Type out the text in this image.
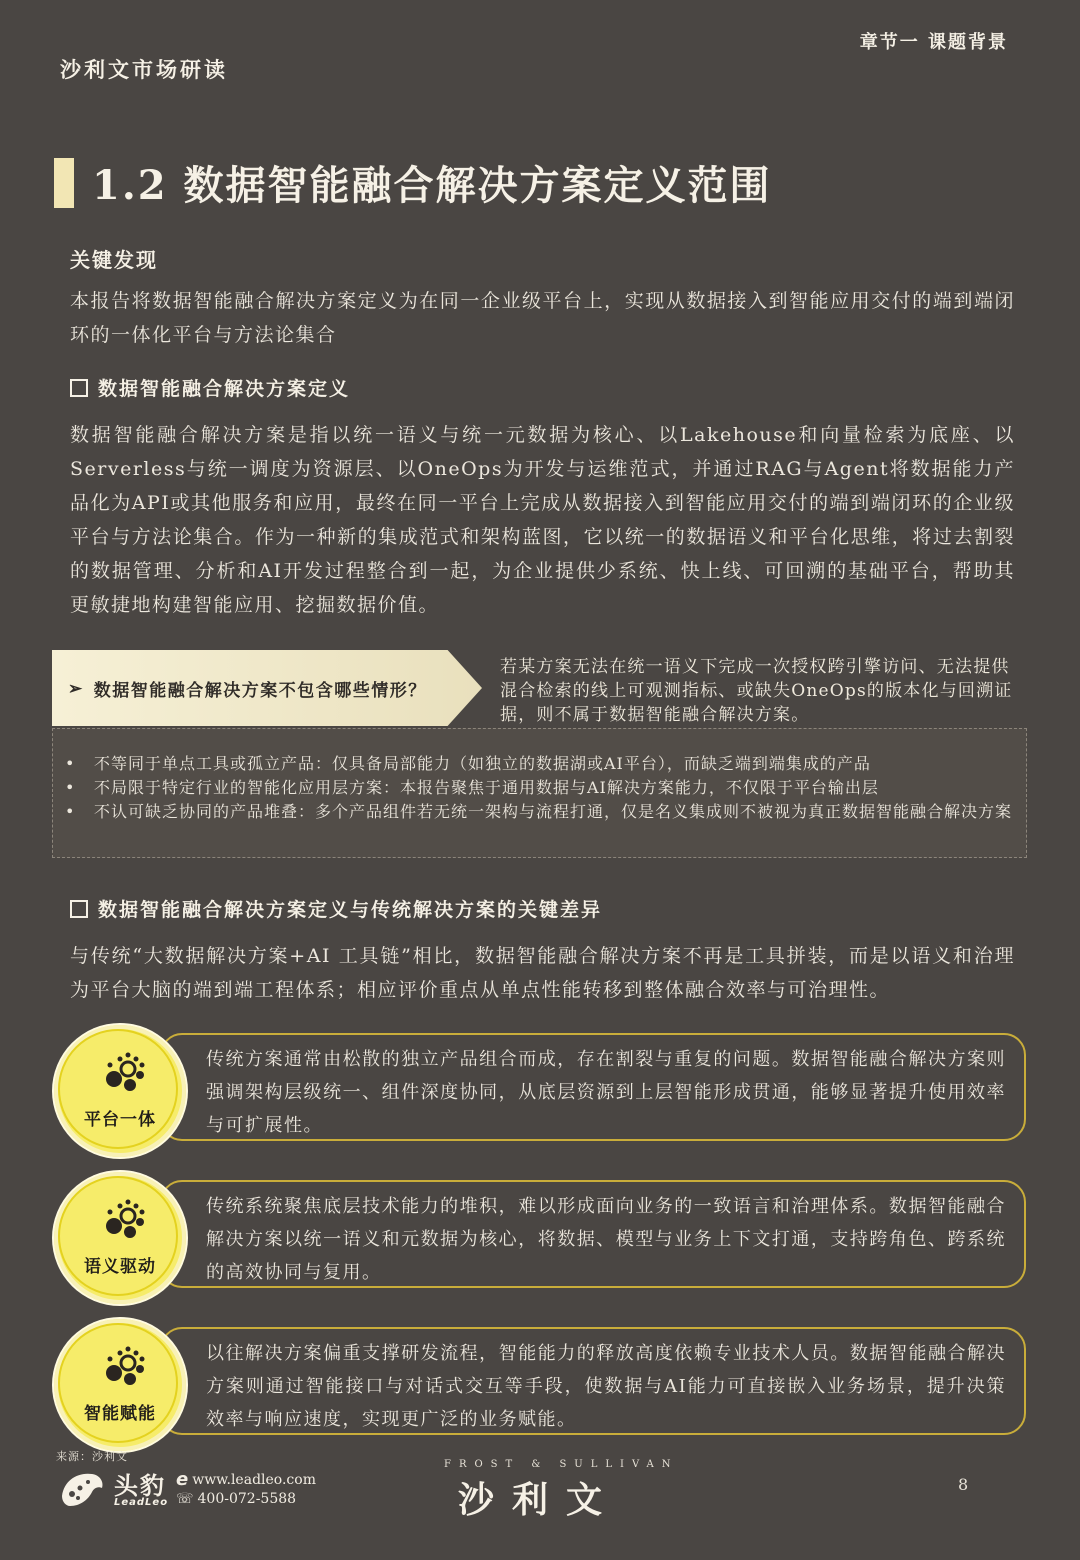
章节一 课题背景
沙利文市场研读
1.2 数据智能融合解决方案定义范围
关键发现
本报告将数据智能融合解决方案定义为在同一企业级平台上，实现从数据接入到智能应用交付的端到端闭环的一体化平台与方法论集合
数据智能融合解决方案定义
数据智能融合解决方案是指以统一语义与统一元数据为核心、以Lakehouse和向量检索为底座、以Serverless与统一调度为资源层、以OneOps为开发与运维范式，并通过RAG与Agent将数据能力产品化为API或其他服务和应用，最终在同一平台上完成从数据接入到智能应用交付的端到端闭环的企业级平台与方法论集合。作为一种新的集成范式和架构蓝图，它以统一的数据语义和平台化思维，将过去割裂的数据管理、分析和AI开发过程整合到一起，为企业提供少系统、快上线、可回溯的基础平台，帮助其更敏捷地构建智能应用、挖掘数据价值。
➢ 数据智能融合解决方案不包含哪些情形？
若某方案无法在统一语义下完成一次授权跨引擎访问、无法提供混合检索的线上可观测指标、或缺失OneOps的版本化与回溯证据，则不属于数据智能融合解决方案。
• 不等同于单点工具或孤立产品：仅具备局部能力（如独立的数据湖或AI平台），而缺乏端到端集成的产品
• 不局限于特定行业的智能化应用层方案：本报告聚焦于通用数据与AI解决方案能力，不仅限于平台输出层
• 不认可缺乏协同的产品堆叠：多个产品组件若无统一架构与流程打通，仅是名义集成则不被视为真正数据智能融合解决方案
数据智能融合解决方案定义与传统解决方案的关键差异
与传统“大数据解决方案+AI 工具链”相比，数据智能融合解决方案不再是工具拼装，而是以语义和治理为平台大脑的端到端工程体系；相应评价重点从单点性能转移到整体融合效率与可治理性。
传统方案通常由松散的独立产品组合而成，存在割裂与重复的问题。数据智能融合解决方案则强调架构层级统一、组件深度协同，从底层资源到上层智能形成贯通，能够显著提升使用效率与可扩展性。
平台一体
传统系统聚焦底层技术能力的堆积，难以形成面向业务的一致语言和治理体系。数据智能融合解决方案以统一语义和元数据为核心，将数据、模型与业务上下文打通，支持跨角色、跨系统的高效协同与复用。
语义驱动
以往解决方案偏重支撑研发流程，智能能力的释放高度依赖专业技术人员。数据智能融合解决方案则通过智能接口与对话式交互等手段，使数据与AI能力可直接嵌入业务场景，提升决策效率与响应速度，实现更广泛的业务赋能。
智能赋能
来源：沙利文
头豹
LeadLeo
e www.leadleo.com
☏ 400-072-5588
FROST & SULLIVAN
沙利文	8
